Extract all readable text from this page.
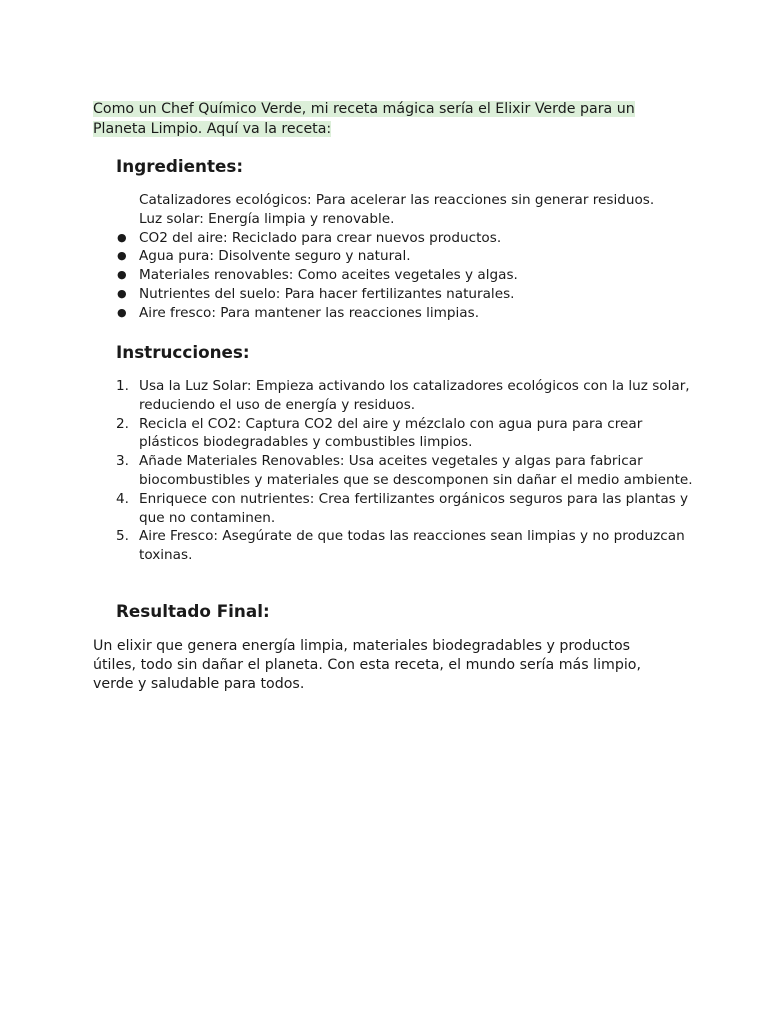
Como un Chef Químico Verde, mi receta mágica sería el Elixir Verde para un
Planeta Limpio. Aquí va la receta:

Ingredientes:
Catalizadores ecológicos: Para acelerar las reacciones sin generar residuos.
Luz solar: Energía limpia y renovable.
● CO2 del aire: Reciclado para crear nuevos productos.
● Agua pura: Disolvente seguro y natural.
● Materiales renovables: Como aceites vegetales y algas.
● Nutrientes del suelo: Para hacer fertilizantes naturales.
● Aire fresco: Para mantener las reacciones limpias.
Instrucciones:
1. Usa la Luz Solar: Empieza activando los catalizadores ecológicos con la luz solar, reduciendo el uso de energía y residuos.
2. Recicla el CO2: Captura CO2 del aire y mézclalo con agua pura para crear plásticos biodegradables y combustibles limpios.
3. Añade Materiales Renovables: Usa aceites vegetales y algas para fabricar biocombustibles y materiales que se descomponen sin dañar el medio ambiente.
4. Enriquece con nutrientes: Crea fertilizantes orgánicos seguros para las plantas y que no contaminen.
5. Aire Fresco: Asegúrate de que todas las reacciones sean limpias y no produzcan toxinas.
Resultado Final:

Un elixir que genera energía limpia, materiales biodegradables y productos útiles, todo sin dañar el planeta. Con esta receta, el mundo sería más limpio, verde y saludable para todos.
